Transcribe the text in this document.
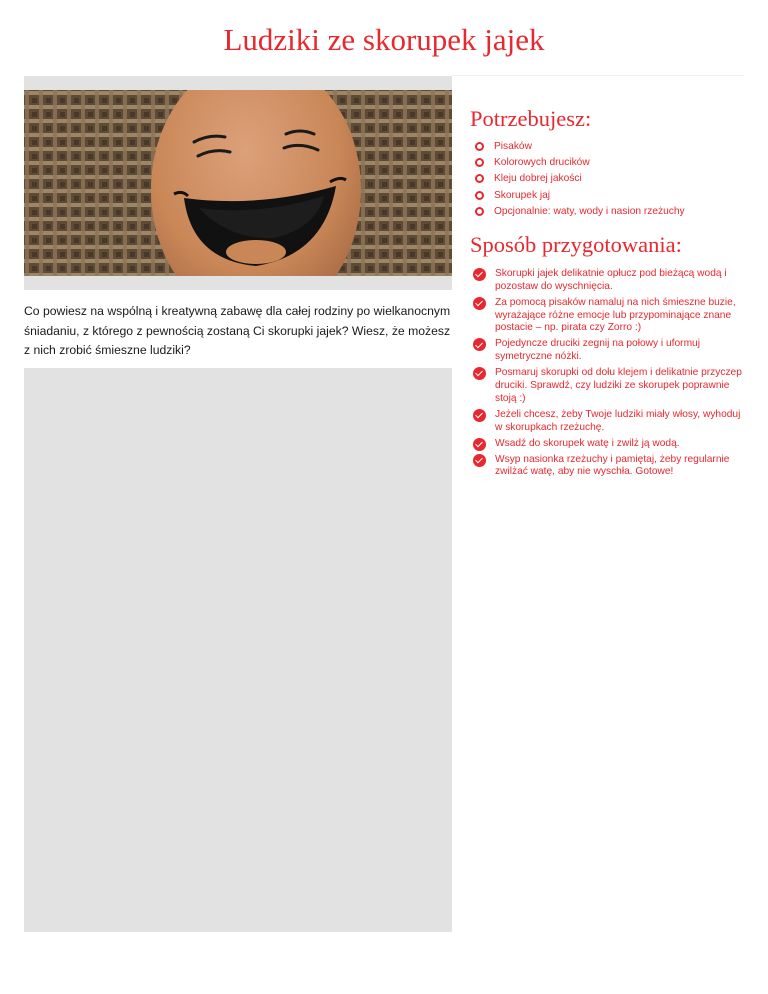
Ludziki ze skorupek jajek

Co powiesz na wspólną i kreatywną zabawę dla całej rodziny po wielkanocnym śniadaniu, z którego z pewnością zostaną Ci skorupki jajek? Wiesz, że możesz z nich zrobić śmieszne ludziki?

Potrzebujesz:
Pisaków
Kolorowych drucików
Kleju dobrej jakości
Skorupek jaj
Opcjonalnie: waty, wody i nasion rzeżuchy
Sposób przygotowania:
Skorupki jajek delikatnie opłucz pod bieżącą wodą i pozostaw do wyschnięcia.
Za pomocą pisaków namaluj na nich śmieszne buzie, wyrażające różne emocje lub przypominające znane postacie – np. pirata czy Zorro :)
Pojedyncze druciki zegnij na połowy i uformuj symetryczne nóżki.
Posmaruj skorupki od dołu klejem i delikatnie przyczep druciki. Sprawdź, czy ludziki ze skorupek poprawnie stoją :)
Jeżeli chcesz, żeby Twoje ludziki miały włosy, wyhoduj w skorupkach rzeżuchę.
Wsadź do skorupek watę i zwilż ją wodą.
Wsyp nasionka rzeżuchy i pamiętaj, żeby regularnie zwilżać watę, aby nie wyschła. Gotowe!
